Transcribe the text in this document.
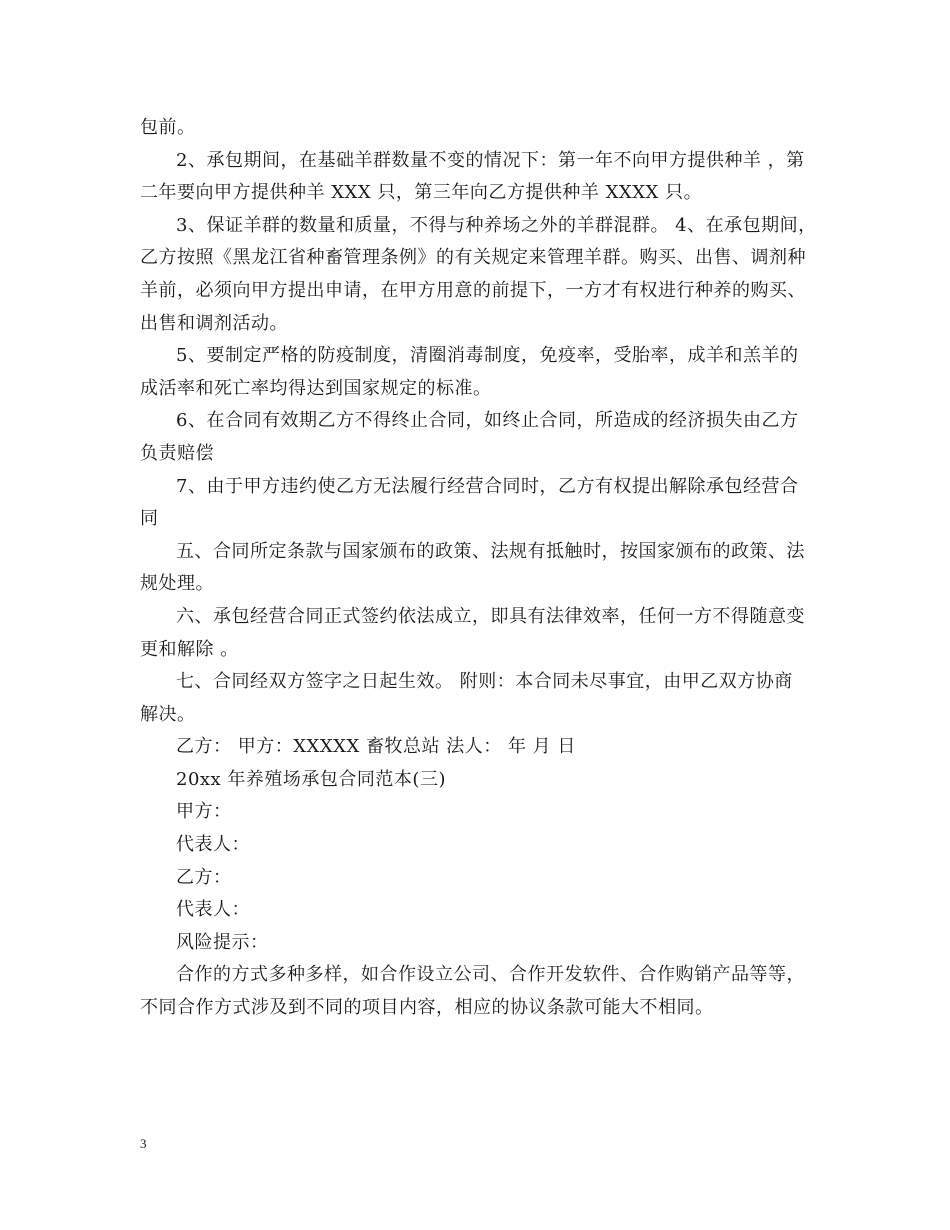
包前。
2、承包期间，在基础羊群数量不变的情况下：第一年不向甲方提供种羊 ，第
二年要向甲方提供种羊 XXX 只，第三年向乙方提供种羊 XXXX 只。
3、保证羊群的数量和质量，不得与种养场之外的羊群混群。 4、在承包期间，
乙方按照《黑龙江省种畜管理条例》的有关规定来管理羊群。购买、出售、调剂种
羊前，必须向甲方提出申请，在甲方用意的前提下，一方才有权进行种养的购买、
出售和调剂活动。
5、要制定严格的防疫制度，清圈消毒制度，免疫率，受胎率，成羊和羔羊的
成活率和死亡率均得达到国家规定的标准。
6、在合同有效期乙方不得终止合同，如终止合同，所造成的经济损失由乙方
负责赔偿
7、由于甲方违约使乙方无法履行经营合同时，乙方有权提出解除承包经营合
同
五、合同所定条款与国家颁布的政策、法规有抵触时，按国家颁布的政策、法
规处理。
六、承包经营合同正式签约依法成立，即具有法律效率，任何一方不得随意变
更和解除 。
七、合同经双方签字之日起生效。 附则：本合同未尽事宜，由甲乙双方协商
解决。
乙方： 甲方：XXXXX 畜牧总站 法人： 年 月 日
20xx 年养殖场承包合同范本(三)
甲方：
代表人：
乙方：
代表人：
风险提示：
合作的方式多种多样，如合作设立公司、合作开发软件、合作购销产品等等，
不同合作方式涉及到不同的项目内容，相应的协议条款可能大不相同。
3
